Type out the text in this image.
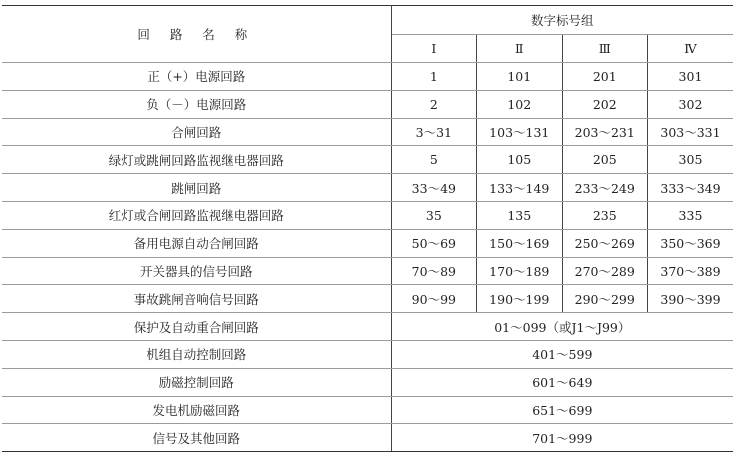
回 路 名 称	数字标号组			
	Ⅰ	Ⅱ	Ⅲ	Ⅳ
正（+）电源回路	1	101	201	301
负（－）电源回路	2	102	202	302
合闸回路	3～31	103～131	203～231	303～331
绿灯或跳闸回路监视继电器回路	5	105	205	305
跳闸回路	33～49	133～149	233～249	333～349
红灯或合闸回路监视继电器回路	35	135	235	335
备用电源自动合闸回路	50～69	150～169	250～269	350～369
开关器具的信号回路	70～89	170～189	270～289	370～389
事故跳闸音响信号回路	90～99	190～199	290～299	390～399
保护及自动重合闸回路	01～099（或J1～J99）			
机组自动控制回路	401～599			
励磁控制回路	601～649			
发电机励磁回路	651～699			
信号及其他回路	701～999			
